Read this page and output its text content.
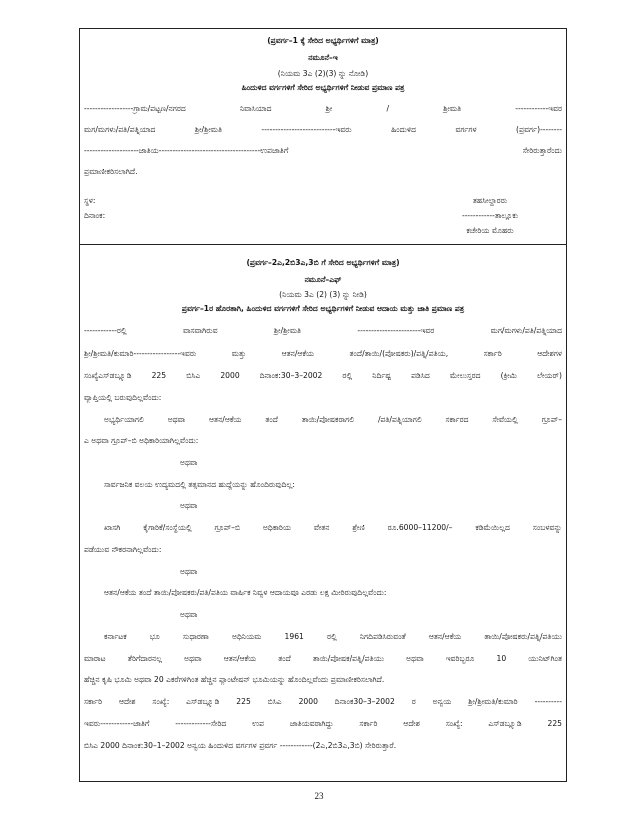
(ಪ್ರವರ್ಗ–1 ಕ್ಕೆ ಸೇರಿದ ಅಭ್ಯರ್ಥಿಗಳಿಗೆ ಮಾತ್ರ)
ನಮೂನೆ–ಇ
(ನಿಯಮ 3ಎ (2)(3) ನ್ನು ನೋಡಿ)
ಹಿಂದುಳಿದ ವರ್ಗಗಳಿಗೆ ಸೇರಿದ ಅಭ್ಯರ್ಥಿಗಳಿಗೆ ನೀಡುವ ಪ್ರಮಾಣ ಪತ್ರ
------------------ಗ್ರಾಮ/ಪಟ್ಟಣ/ನಗರದ ನಿವಾಸಿಯಾದ ಶ್ರೀ / ಶ್ರೀಮತಿ ------------ಇವರ
ಮಗ/ಮಗಳು/ಪತಿ/ಪತ್ನಿಯಾದ ಶ್ರೀ/ಶ್ರೀಮತಿ ---------------------------ಇವರು ಹಿಂದುಳಿದ ವರ್ಗಗಳ (ಪ್ರವರ್ಗ)--------
--------------------ಜಾತಿಯ-------------------------------------ಉಪಜಾತಿಗೆ ಸೇರಿರುತ್ತಾರೆಂದು
ಪ್ರಮಾಣೀಕರಿಸಲಾಗಿದೆ.
ಸ್ಥಳ:
ದಿನಾಂಕ:
ತಹಸೀಲ್ದಾರರು
------------ತಾಲ್ಲೂಕು
ಕಚೇರಿಯ ಮೊಹರು
(ಪ್ರವರ್ಗ–2ಎ,2ಬಿ3ಎ,3ಬಿ ಗೆ ಸೇರಿದ ಅಭ್ಯರ್ಥಿಗಳಿಗೆ ಮಾತ್ರ)
ನಮೂನೆ–ಎಫ್
(ನಿಯಮ 3ಎ (2) (3) ನ್ನು ನೀಡಿ)
ಪ್ರವರ್ಗ–1ರ ಹೊರತಾಗಿ, ಹಿಂದುಳಿದ ವರ್ಗಗಳಿಗೆ ಸೇರಿದ ಅಭ್ಯರ್ಥಿಗಳಿಗೆ ನೀಡುವ ಆದಾಯ ಮತ್ತು ಜಾತಿ ಪ್ರಮಾಣ ಪತ್ರ
------------ರಲ್ಲಿ ವಾಸವಾಗಿರುವ ಶ್ರೀ/ಶ್ರೀಮತಿ -----------------------ಇವರ ಮಗ/ಮಗಳು/ಪತಿ/ಪತ್ನಿಯಾದ
ಶ್ರೀ/ಶ್ರೀಮತಿ/ಕುಮಾರಿ-----------------ಇವರು ಮತ್ತು ಆತನ/ಆಕೆಯ ತಂದೆ/ತಾಯಿ/(ಪೋಷಕರು)/ಪತ್ನಿ/ಪತಿಯ, ಸರ್ಕಾರಿ ಆದೇಶಗಳ
ಸಂಖ್ಯೆಎಸ್‌ಡಬ್ಲ್ಯೂಡಿ 225 ಬಿಸಿಎ 2000 ದಿನಾಂಕ:30–3–2002 ರಲ್ಲಿ ನಿರ್ದಿಷ್ಟ ಪಡಿಸಿದ ಮೇಲುಸ್ತರದ (ಕ್ರೀಮಿ ಲೇಯರ್)
ವ್ಯಾಪ್ತಿಯಲ್ಲಿ ಬರುವುದಿಲ್ಲವೆಂದು:
ಅಭ್ಯರ್ಥಿಯಾಗಲಿ ಅಥವಾ ಆತನ/ಆಕೆಯ ತಂದೆ ತಾಯಿ/ಪೋಷಕರಾಗಲಿ /ಪತಿ/ಪತ್ನಿಯಾಗಲಿ ಸರ್ಕಾರದ ಸೇವೆಯಲ್ಲಿ ಗ್ರೂಪ್–
ಎ ಅಥವಾ ಗ್ರೂಪ್–ಬಿ ಅಧಿಕಾರಿಯಾಗಿಲ್ಲವೆಂದು:
ಅಥವಾ
ಸಾರ್ವಜನಿಕ ವಲಯ ಉದ್ಯಮದಲ್ಲಿ ತತ್ಸಮಾನದ ಹುದ್ದೆಯನ್ನು ಹೊಂದಿರುವುದಿಲ್ಲ:
ಅಥವಾ
ಖಾಸಗಿ ಕೈಗಾರಿಕೆ/ಸಂಸ್ಥೆಯಲ್ಲಿ ಗ್ರೂಪ್–ಬಿ ಅಧಿಕಾರಿಯ ವೇತನ ಶ್ರೇಣಿ ರೂ.6000–11200/– ಕಡಿಮೆಯಿಲ್ಲದ ಸಂಬಳವನ್ನು
ಪಡೆಯುವ ನೌಕರನಾಗಿಲ್ಲವೆಂದು:
ಅಥವಾ
ಆತನ/ಆಕೆಯ ತಂದೆ ತಾಯಿ/ಪೋಷಕರು/ಪತಿ/ಪತಿಯ ವಾರ್ಷಿಕ ನಿವ್ವಳ ಆದಾಯವೂ ಎರಡು ಲಕ್ಷ ಮೀರಿರುವುದಿಲ್ಲವೆಂದು:
ಅಥವಾ
ಕರ್ನಾಟಕ ಭೂ ಸುಧಾರಣಾ ಅಧಿನಿಯಮ 1961 ರಲ್ಲಿ ನಿಗದಿಪಡಿಸಿರುವಂತೆ ಆತನ/ಆಕೆಯ ತಾಯಿ/ಪೋಷಕರು/ಪತ್ನಿ/ಪತಿಯು
ಮಾರಾಟ ತೆರಿಗೆದಾರನಲ್ಲ ಅಥವಾ ಆತನ/ಆಕೆಯ ತಂದೆ ತಾಯಿ/ಪೋಷಕ/ಪತ್ನಿ/ಪತಿಯು ಅಥವಾ ಇವರಿಬ್ಬರೂ 10 ಯುನಿಟ್‌ಗಿಂತ
ಹೆಚ್ಚಿನ ಕೃಷಿ ಭೂಮಿ ಅಥವಾ 20 ಎಕರೆಗಳಿಗಿಂತ ಹೆಚ್ಚಿನ ಪ್ಲಾಂಟೇಷನ್ ಭೂಮಿಯನ್ನು ಹೊಂದಿಲ್ಲವೆಂದು ಪ್ರಮಾಣೀಕರಿಸಲಾಗಿದೆ.
ಸರ್ಕಾರಿ ಆದೇಶ ಸಂಖ್ಯೆ: ಎಸ್‌ಡಬ್ಲ್ಯೂಡಿ 225 ಬಿಸಿಎ 2000 ದಿನಾಂಕ30–3–2002 ರ ಅನ್ವಯ ಶ್ರೀ/ಶ್ರೀಮತಿ/ಕುಮಾರಿ ----------
ಇವರು------------ಜಾತಿಗೆ -------------ಸೇರಿದ ಉಪ ಜಾತಿಯವರಾಗಿದ್ದು ಸರ್ಕಾರಿ ಆದೇಶ ಸಂಖ್ಯೆ: ಎಸ್‌ಡಬ್ಲ್ಯೂಡಿ 225
ಬಿಸಿಎ 2000 ದಿನಾಂಕ:30–1–2002 ಅನ್ವಯ ಹಿಂದುಳಿದ ವರ್ಗಗಳ ಪ್ರವರ್ಗ ------------(2ಎ,2ಬಿ3ಎ,3ಬಿ) ಸೇರಿರುತ್ತಾರೆ.
23
